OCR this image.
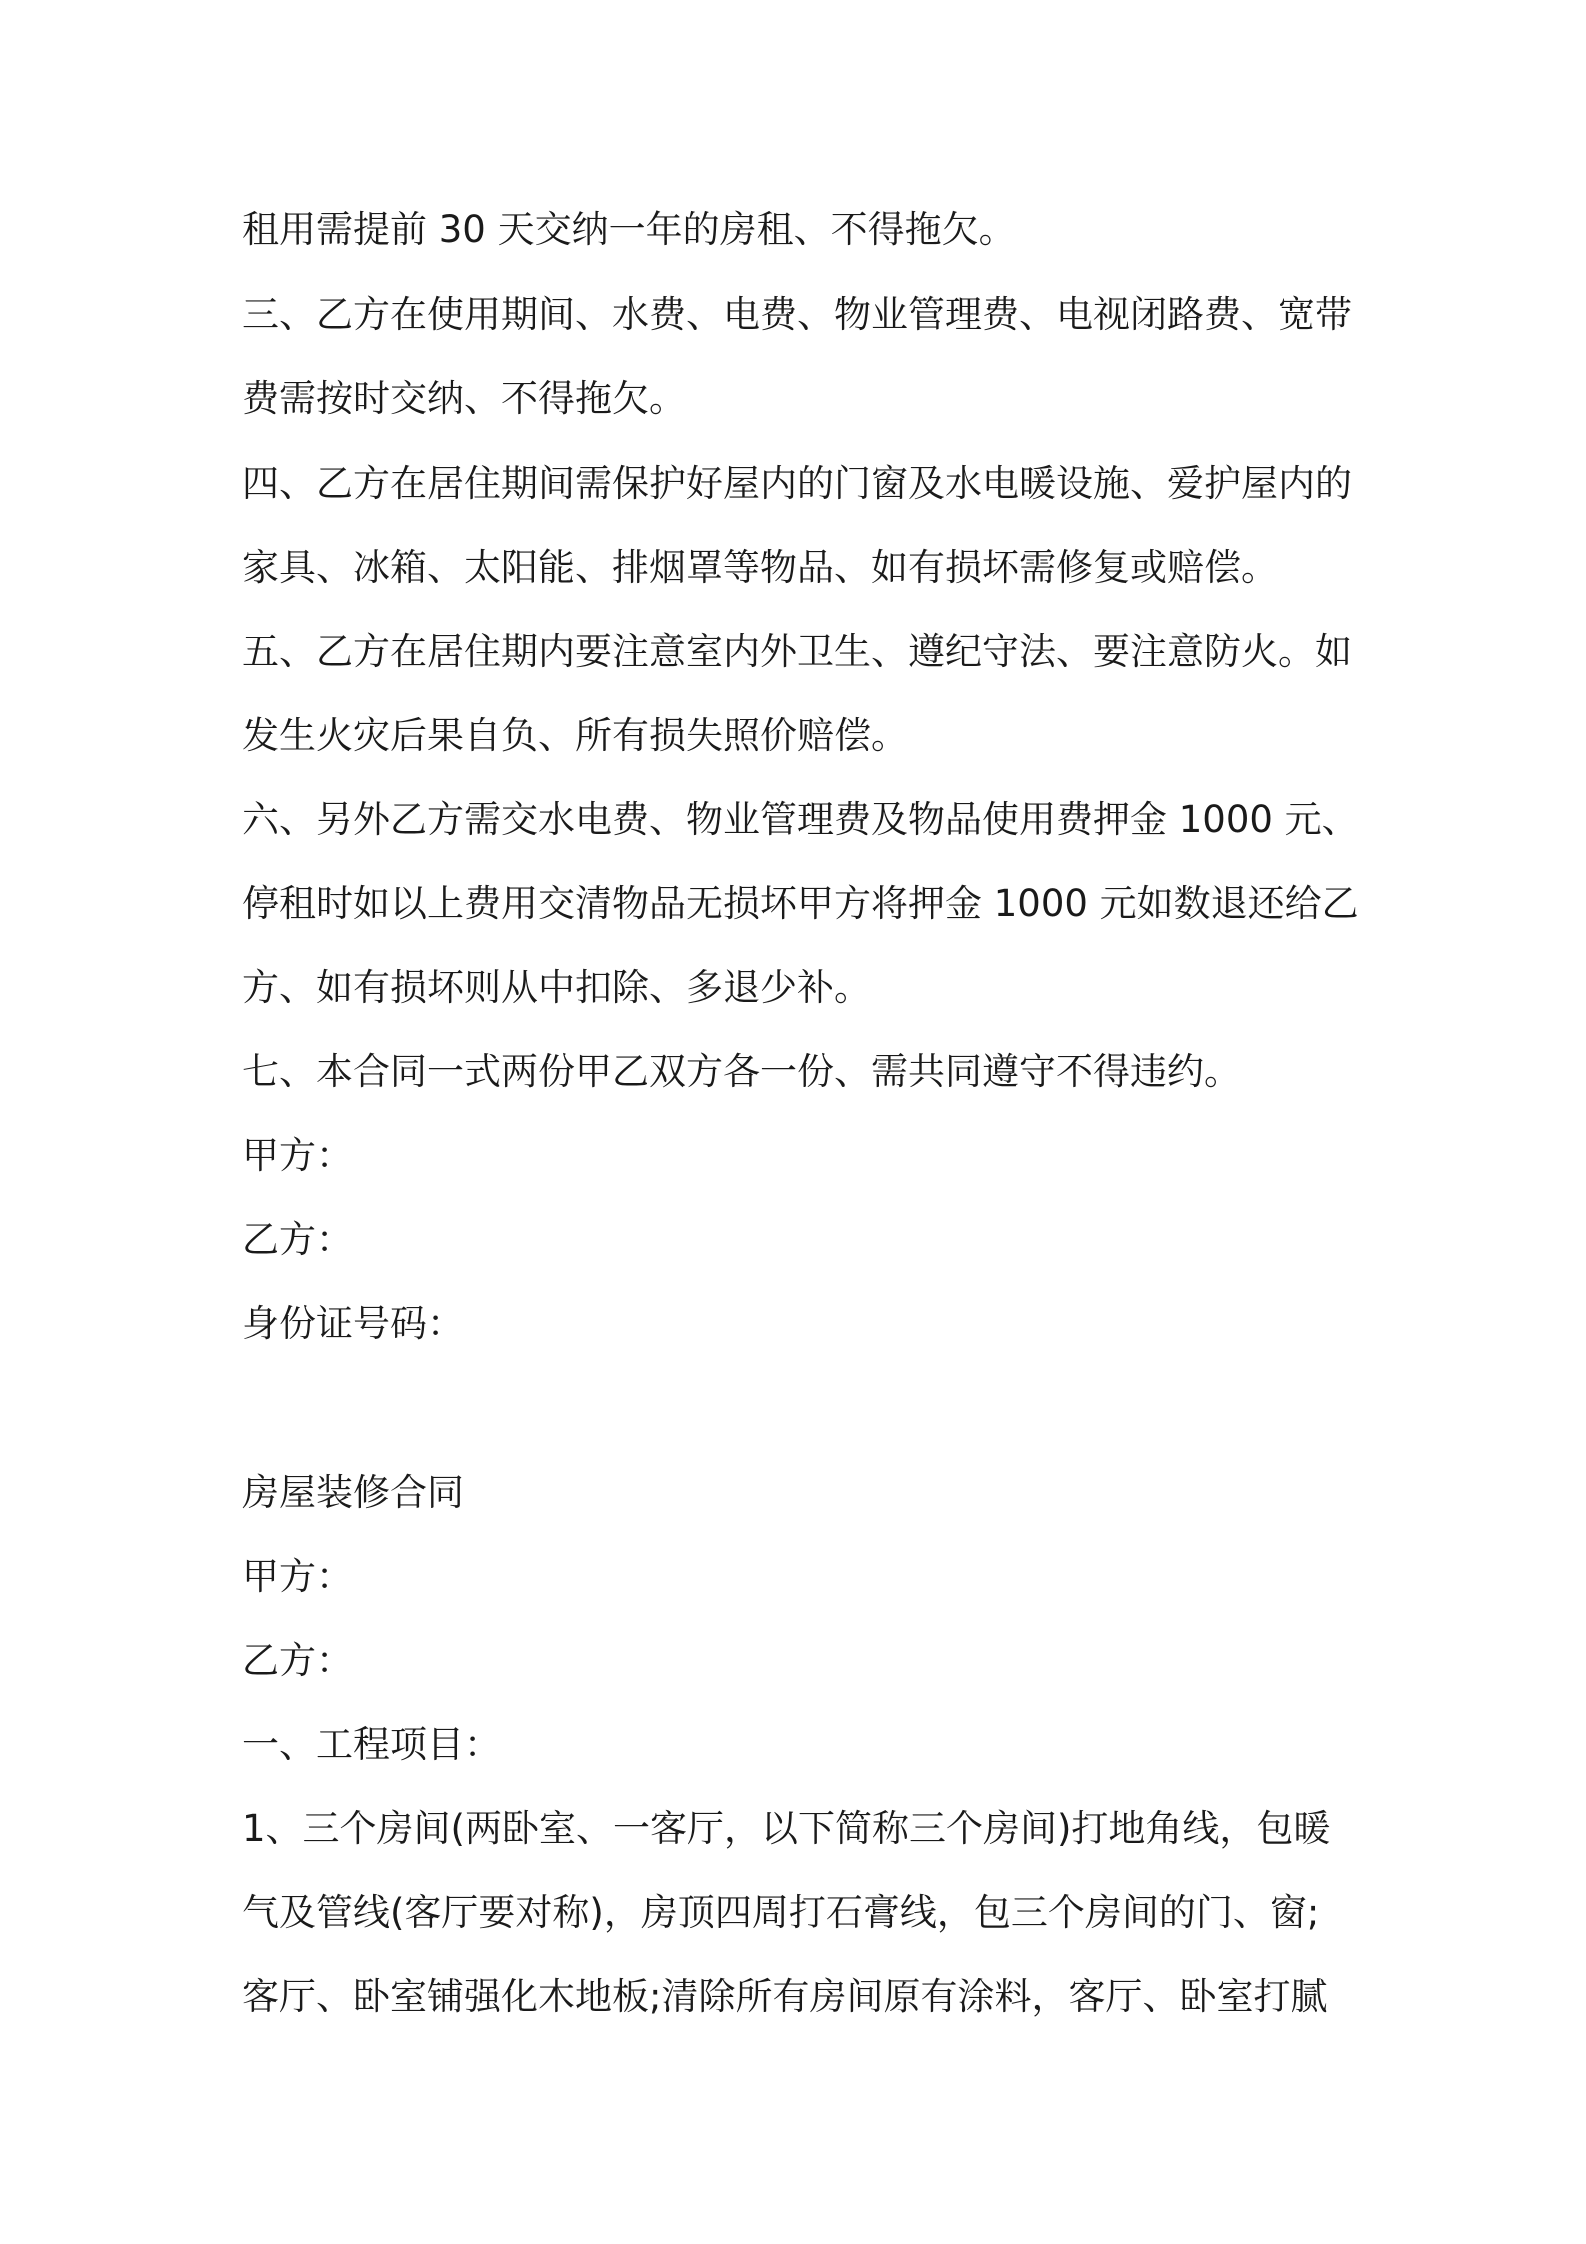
租用需提前 30 天交纳一年的房租、不得拖欠。
三、乙方在使用期间、水费、电费、物业管理费、电视闭路费、宽带
费需按时交纳、不得拖欠。
四、乙方在居住期间需保护好屋内的门窗及水电暖设施、爱护屋内的
家具、冰箱、太阳能、排烟罩等物品、如有损坏需修复或赔偿。
五、乙方在居住期内要注意室内外卫生、遵纪守法、要注意防火。如
发生火灾后果自负、所有损失照价赔偿。
六、另外乙方需交水电费、物业管理费及物品使用费押金 1000 元、
停租时如以上费用交清物品无损坏甲方将押金 1000 元如数退还给乙
方、如有损坏则从中扣除、多退少补。
七、本合同一式两份甲乙双方各一份、需共同遵守不得违约。
甲方：
乙方：
身份证号码：
房屋装修合同
甲方：
乙方：
一、工程项目：
1、三个房间(两卧室、一客厅，以下简称三个房间)打地角线，包暖
气及管线(客厅要对称)，房顶四周打石膏线，包三个房间的门、窗;
客厅、卧室铺强化木地板;清除所有房间原有涂料，客厅、卧室打腻
